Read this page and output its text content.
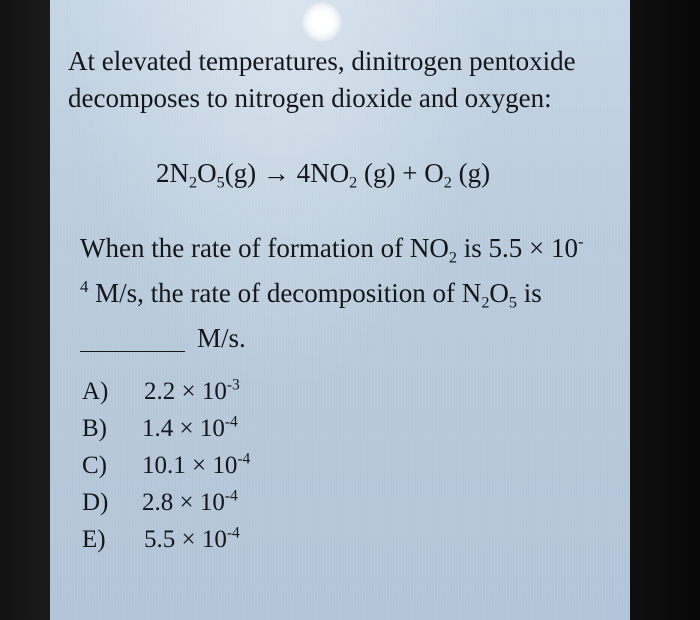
At elevated temperatures, dinitrogen pentoxide
decomposes to nitrogen dioxide and oxygen:
$2N_2O_5(g) \to 4NO_2$ $(g) + O_2$ (g)
When the rate of formation of $NO_2$ is 5.5 × 10-
$^4$ M/s, the rate of decomposition of $N_2O_5$ is
M/s.
A) $2.2 \times 10^{-3}$
B) $1.4 \times 10^{-4}$
C) $10.1 \times 10^{-4}$
D) $2.8 \times 10^{-4}$
E) $5.5 \times 10^{-4}$
